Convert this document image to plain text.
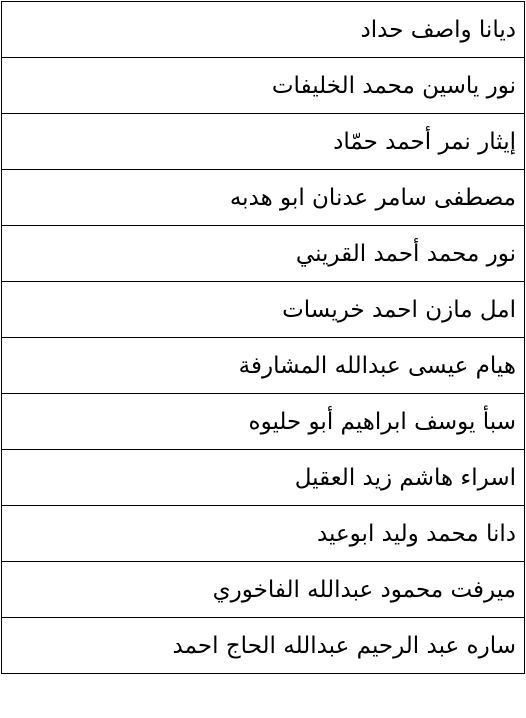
ديانا واصف حداد
نور ياسين محمد الخليفات
إيثار نمر أحمد حمّاد
مصطفى سامر عدنان ابو هدبه
نور محمد أحمد القريني
امل مازن احمد خريسات
هيام عيسى عبدالله المشارفة
سبأ يوسف ابراهيم أبو حليوه
اسراء هاشم زيد العقيل
دانا محمد وليد ابوعيد
ميرفت محمود عبدالله الفاخوري
ساره عبد الرحيم عبدالله الحاج احمد
